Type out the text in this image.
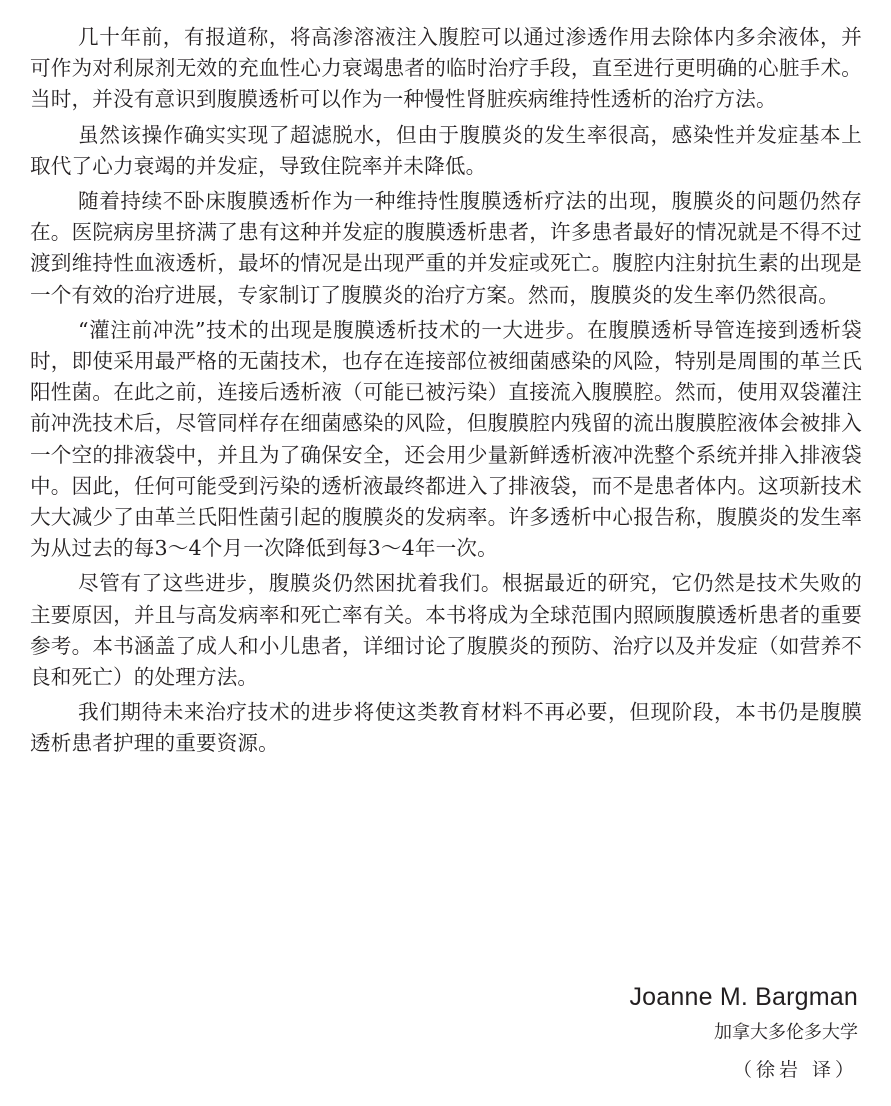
几十年前，有报道称，将高渗溶液注入腹腔可以通过渗透作用去除体内多余液体，并可作为对利尿剂无效的充血性心力衰竭患者的临时治疗手段，直至进行更明确的心脏手术。当时，并没有意识到腹膜透析可以作为一种慢性肾脏疾病维持性透析的治疗方法。

虽然该操作确实实现了超滤脱水，但由于腹膜炎的发生率很高，感染性并发症基本上取代了心力衰竭的并发症，导致住院率并未降低。

随着持续不卧床腹膜透析作为一种维持性腹膜透析疗法的出现，腹膜炎的问题仍然存在。医院病房里挤满了患有这种并发症的腹膜透析患者，许多患者最好的情况就是不得不过渡到维持性血液透析，最坏的情况是出现严重的并发症或死亡。腹腔内注射抗生素的出现是一个有效的治疗进展，专家制订了腹膜炎的治疗方案。然而，腹膜炎的发生率仍然很高。

“灌注前冲洗”技术的出现是腹膜透析技术的一大进步。在腹膜透析导管连接到透析袋时，即使采用最严格的无菌技术，也存在连接部位被细菌感染的风险，特别是周围的革兰氏阳性菌。在此之前，连接后透析液（可能已被污染）直接流入腹膜腔。然而，使用双袋灌注前冲洗技术后，尽管同样存在细菌感染的风险，但腹膜腔内残留的流出腹膜腔液体会被排入一个空的排液袋中，并且为了确保安全，还会用少量新鲜透析液冲洗整个系统并排入排液袋中。因此，任何可能受到污染的透析液最终都进入了排液袋，而不是患者体内。这项新技术大大减少了由革兰氏阳性菌引起的腹膜炎的发病率。许多透析中心报告称，腹膜炎的发生率为从过去的每3～4个月一次降低到每3～4年一次。

尽管有了这些进步，腹膜炎仍然困扰着我们。根据最近的研究，它仍然是技术失败的主要原因，并且与高发病率和死亡率有关。本书将成为全球范围内照顾腹膜透析患者的重要参考。本书涵盖了成人和小儿患者，详细讨论了腹膜炎的预防、治疗以及并发症（如营养不良和死亡）的处理方法。

我们期待未来治疗技术的进步将使这类教育材料不再必要，但现阶段，本书仍是腹膜透析患者护理的重要资源。

Joanne M. Bargman
加拿大多伦多大学
（徐岩 译）
